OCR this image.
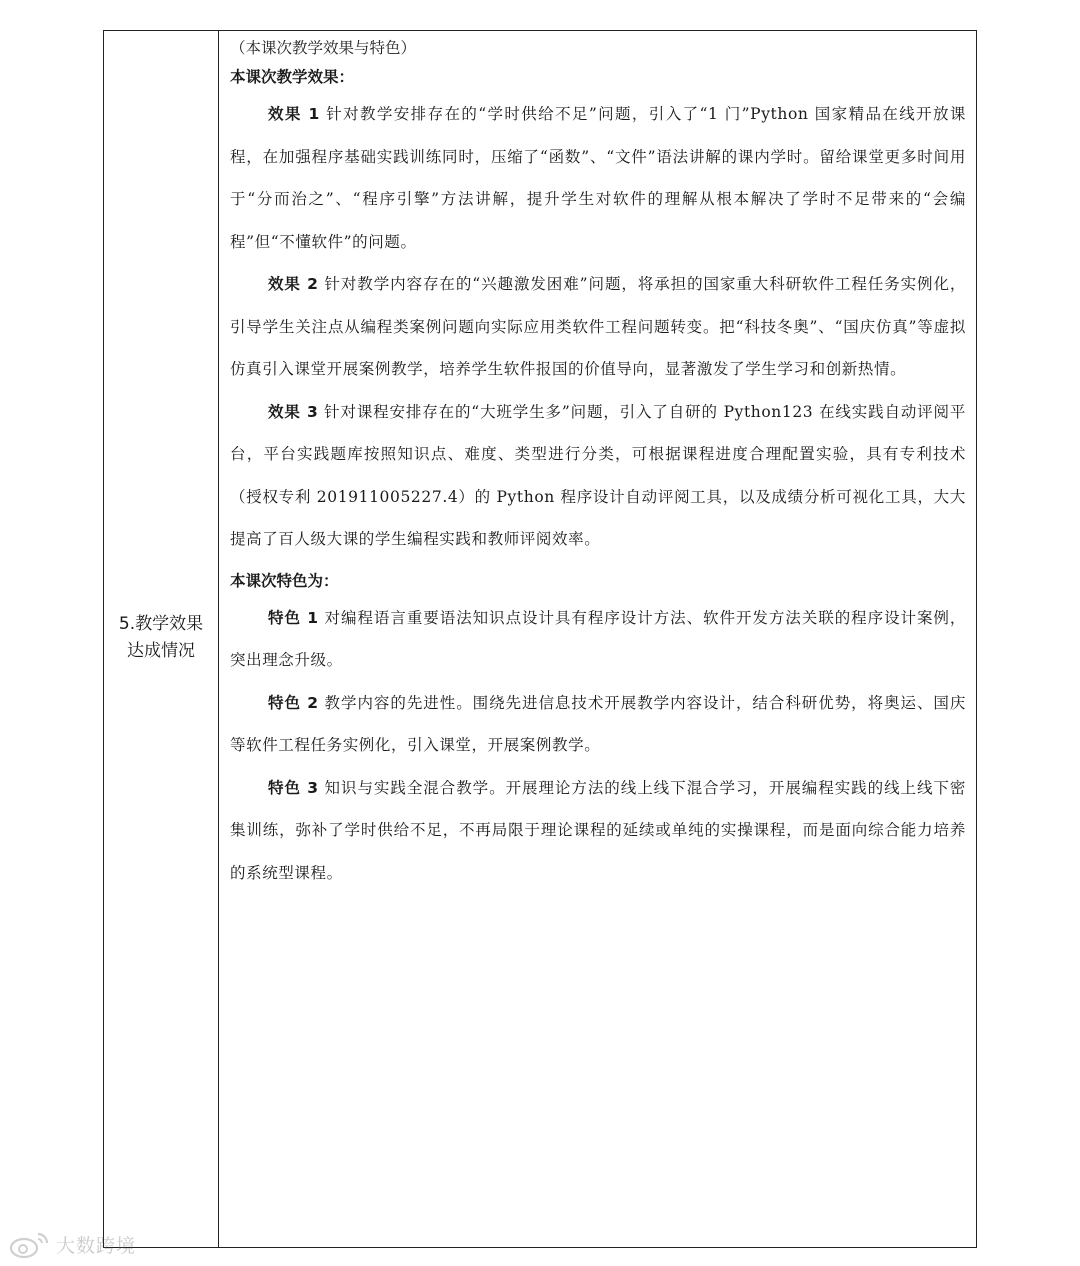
5.教学效果
达成情况
（本课次教学效果与特色）
本课次教学效果：

效果 1 针对教学安排存在的“学时供给不足”问题，引入了“1 门”Python 国家精品在线开放课程，在加强程序基础实践训练同时，压缩了“函数”、“文件”语法讲解的课内学时。留给课堂更多时间用于“分而治之”、“程序引擎”方法讲解，提升学生对软件的理解从根本解决了学时不足带来的“会编程”但“不懂软件”的问题。

效果 2 针对教学内容存在的“兴趣激发困难”问题，将承担的国家重大科研软件工程任务实例化，引导学生关注点从编程类案例问题向实际应用类软件工程问题转变。把“科技冬奥”、“国庆仿真”等虚拟仿真引入课堂开展案例教学，培养学生软件报国的价值导向，显著激发了学生学习和创新热情。

效果 3 针对课程安排存在的“大班学生多”问题，引入了自研的 Python123 在线实践自动评阅平台，平台实践题库按照知识点、难度、类型进行分类，可根据课程进度合理配置实验，具有专利技术（授权专利 201911005227.4）的 Python 程序设计自动评阅工具，以及成绩分析可视化工具，大大提高了百人级大课的学生编程实践和教师评阅效率。

本课次特色为：

特色 1 对编程语言重要语法知识点设计具有程序设计方法、软件开发方法关联的程序设计案例，突出理念升级。

特色 2 教学内容的先进性。围绕先进信息技术开展教学内容设计，结合科研优势，将奥运、国庆等软件工程任务实例化，引入课堂，开展案例教学。

特色 3 知识与实践全混合教学。开展理论方法的线上线下混合学习，开展编程实践的线上线下密集训练，弥补了学时供给不足，不再局限于理论课程的延续或单纯的实操课程，而是面向综合能力培养的系统型课程。

大数跨境
